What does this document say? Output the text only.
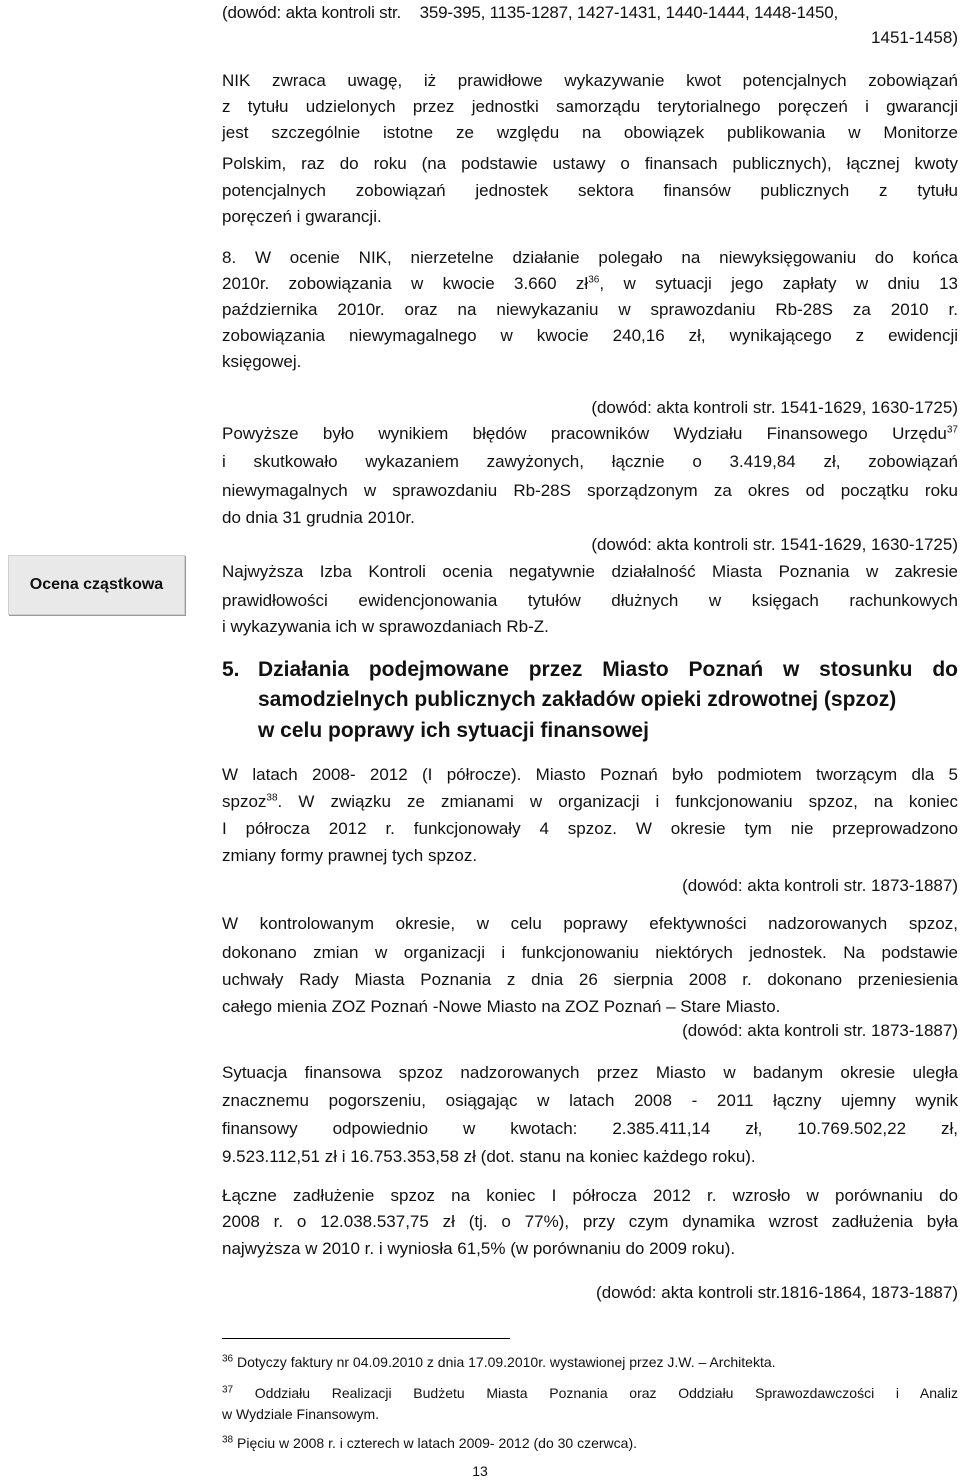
(dowód: akta kontroli str. 359-395, 1135-1287, 1427-1431, 1440-1444, 1448-1450,
1451-1458)
Ocena cząstkowa
NIK zwraca uwagę, iż prawidłowe wykazywanie kwot potencjalnych zobowiązań
z tytułu udzielonych przez jednostki samorządu terytorialnego poręczeń i gwarancji
jest szczególnie istotne ze względu na obowiązek publikowania w Monitorze
Polskim, raz do roku (na podstawie ustawy o finansach publicznych), łącznej kwoty
potencjalnych zobowiązań jednostek sektora finansów publicznych z tytułu
poręczeń i gwarancji.
8. W ocenie NIK, nierzetelne działanie polegało na niewyksięgowaniu do końca
2010r. zobowiązania w kwocie 3.660 $zł^{36}$, w sytuacji jego zapłaty w dniu 13
października 2010r. oraz na niewykazaniu w sprawozdaniu Rb-28S za 2010 r.
zobowiązania niewymagalnego w kwocie 240,16 zł, wynikającego z ewidencji
księgowej.
(dowód: akta kontroli str. 1541-1629, 1630-1725)
Powyższe było wynikiem błędów pracowników Wydziału Finansowego Urzędu$^{37}$
i skutkowało wykazaniem zawyżonych, łącznie o 3.419,84 zł, zobowiązań
niewymagalnych w sprawozdaniu Rb-28S sporządzonym za okres od początku roku
do dnia 31 grudnia 2010r.
(dowód: akta kontroli str. 1541-1629, 1630-1725)
Najwyższa Izba Kontroli ocenia negatywnie działalność Miasta Poznania w zakresie
prawidłowości ewidencjonowania tytułów dłużnych w księgach rachunkowych
i wykazywania ich w sprawozdaniach Rb-Z.
5. Działania podejmowane przez Miasto Poznań w stosunku do
samodzielnych publicznych zakładów opieki zdrowotnej (spzoz)
w celu poprawy ich sytuacji finansowej
W latach 2008- 2012 (I półrocze). Miasto Poznań było podmiotem tworzącym dla 5
spzoz$^{38}$. W związku ze zmianami w organizacji i funkcjonowaniu spzoz, na koniec
I półrocza 2012 r. funkcjonowały 4 spzoz. W okresie tym nie przeprowadzono
zmiany formy prawnej tych spzoz.
(dowód: akta kontroli str. 1873-1887)
W kontrolowanym okresie, w celu poprawy efektywności nadzorowanych spzoz,
dokonano zmian w organizacji i funkcjonowaniu niektórych jednostek. Na podstawie
uchwały Rady Miasta Poznania z dnia 26 sierpnia 2008 r. dokonano przeniesienia
całego mienia ZOZ Poznań -Nowe Miasto na ZOZ Poznań – Stare Miasto.
(dowód: akta kontroli str. 1873-1887)
Sytuacja finansowa spzoz nadzorowanych przez Miasto w badanym okresie uległa
znacznemu pogorszeniu, osiągając w latach 2008 - 2011 łączny ujemny wynik
finansowy odpowiednio w kwotach: 2.385.411,14 zł, 10.769.502,22 zł,
9.523.112,51 zł i 16.753.353,58 zł (dot. stanu na koniec każdego roku).
Łączne zadłużenie spzoz na koniec I półrocza 2012 r. wzrosło w porównaniu do
2008 r. o 12.038.537,75 zł (tj. o 77%), przy czym dynamika wzrost zadłużenia była
najwyższa w 2010 r. i wyniosła 61,5% (w porównaniu do 2009 roku).
(dowód: akta kontroli str.1816-1864, 1873-1887)
$^{36}$ Dotyczy faktury nr 04.09.2010 z dnia 17.09.2010r. wystawionej przez J.W. – Architekta.
$^{37}$ Oddziału Realizacji Budżetu Miasta Poznania oraz Oddziału Sprawozdawczości i Analiz
w Wydziale Finansowym.
$^{38}$ Pięciu w 2008 r. i czterech w latach 2009- 2012 (do 30 czerwca).
13
